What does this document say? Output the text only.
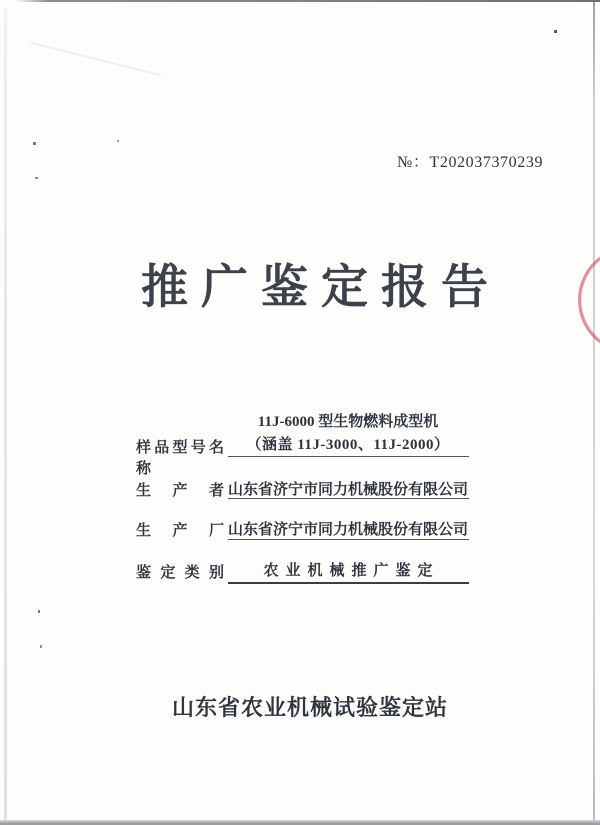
№：T202037370239
推广鉴定报告
样品型号名称
11J-6000 型生物燃料成型机
（涵盖 11J-3000、11J-2000）
生产者 山东省济宁市同力机械股份有限公司
生产厂 山东省济宁市同力机械股份有限公司
鉴定类别	农业机械推广鉴定
山东省农业机械试验鉴定站
